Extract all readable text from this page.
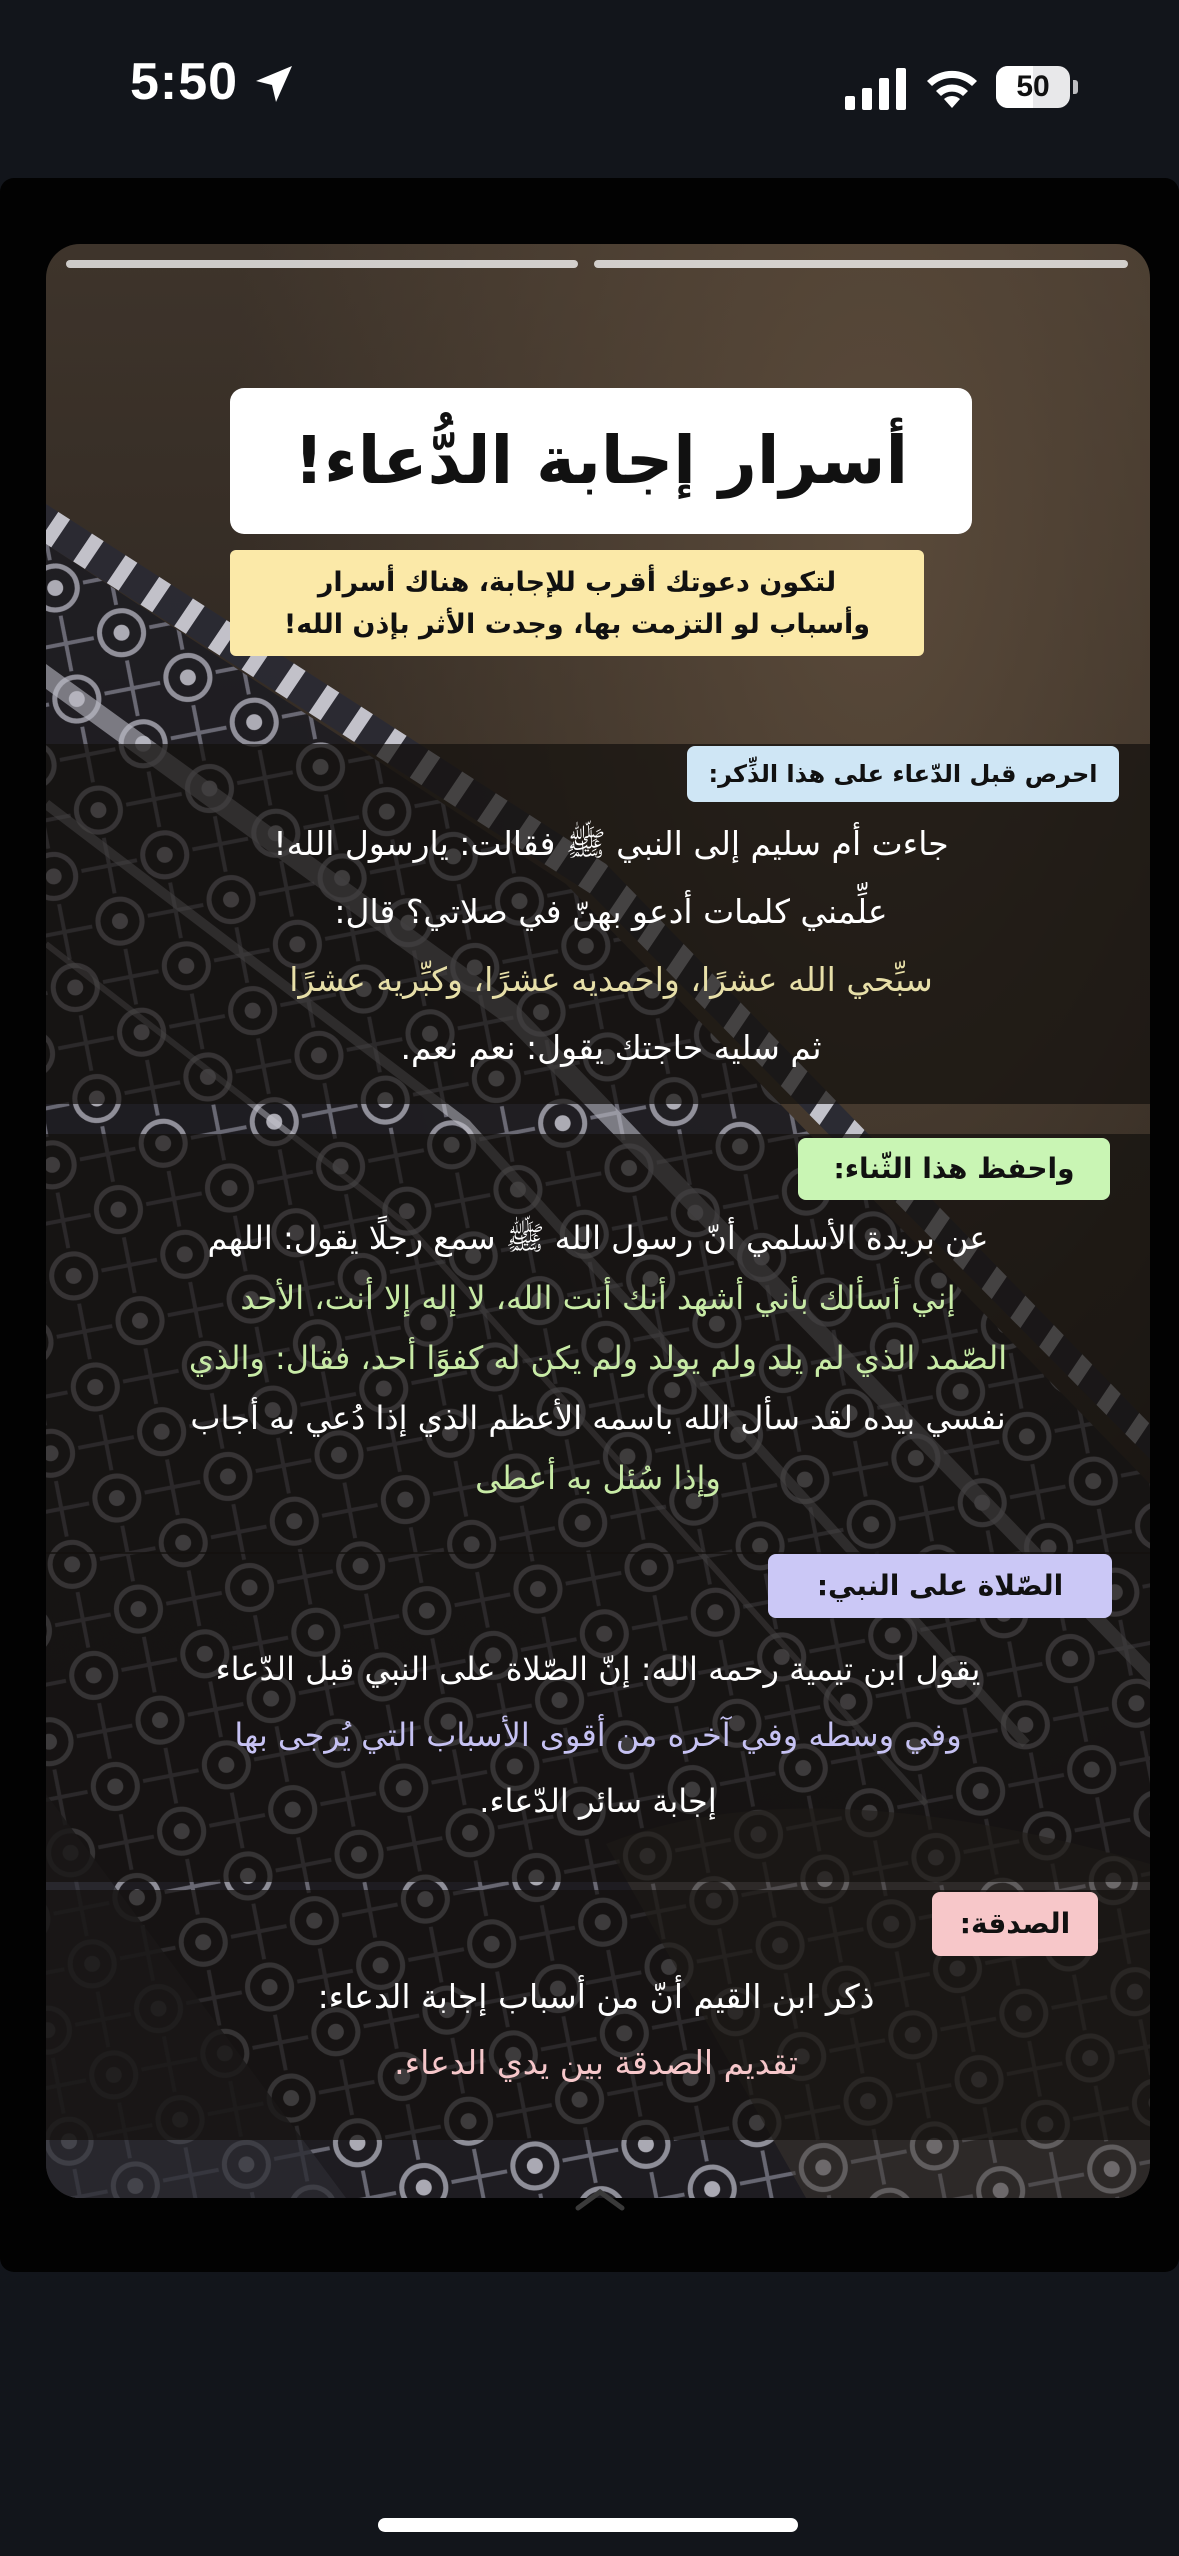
5:50	50
أسرار إجابة الدُّعاء!
لتكون دعوتك أقرب للإجابة، هناك أسرار
وأسباب لو التزمت بها، وجدت الأثر بإذن الله!
احرص قبل الدّعاء على هذا الذِّكر:
جاءت أم سليم إلى النبي ﷺ فقالت: يارسول الله!
علِّمني كلمات أدعو بهنّ في صلاتي؟ قال:
سبِّحي الله عشرًا، واحمديه عشرًا، وكبِّريه عشرًا
ثم سليه حاجتك يقول: نعم نعم.
واحفظ هذا الثّناء:
عن بريدة الأسلمي أنّ رسول الله ﷺ سمع رجلًا يقول: اللهم
إني أسألك بأني أشهد أنك أنت الله، لا إله إلا أنت، الأحد
الصّمد الذي لم يلد ولم يولد ولم يكن له كفوًا أحد، فقال: والذي
نفسي بيده لقد سأل الله باسمه الأعظم الذي إذا دُعي به أجاب
وإذا سُئل به أعطى
الصّلاة على النبي:
يقول ابن تيمية رحمه الله: إنّ الصّلاة على النبي قبل الدّعاء
وفي وسطه وفي آخره من أقوى الأسباب التي يُرجى بها
إجابة سائر الدّعاء.
الصدقة:
ذكر ابن القيم أنّ من أسباب إجابة الدعاء:
تقديم الصدقة بين يدي الدعاء.
